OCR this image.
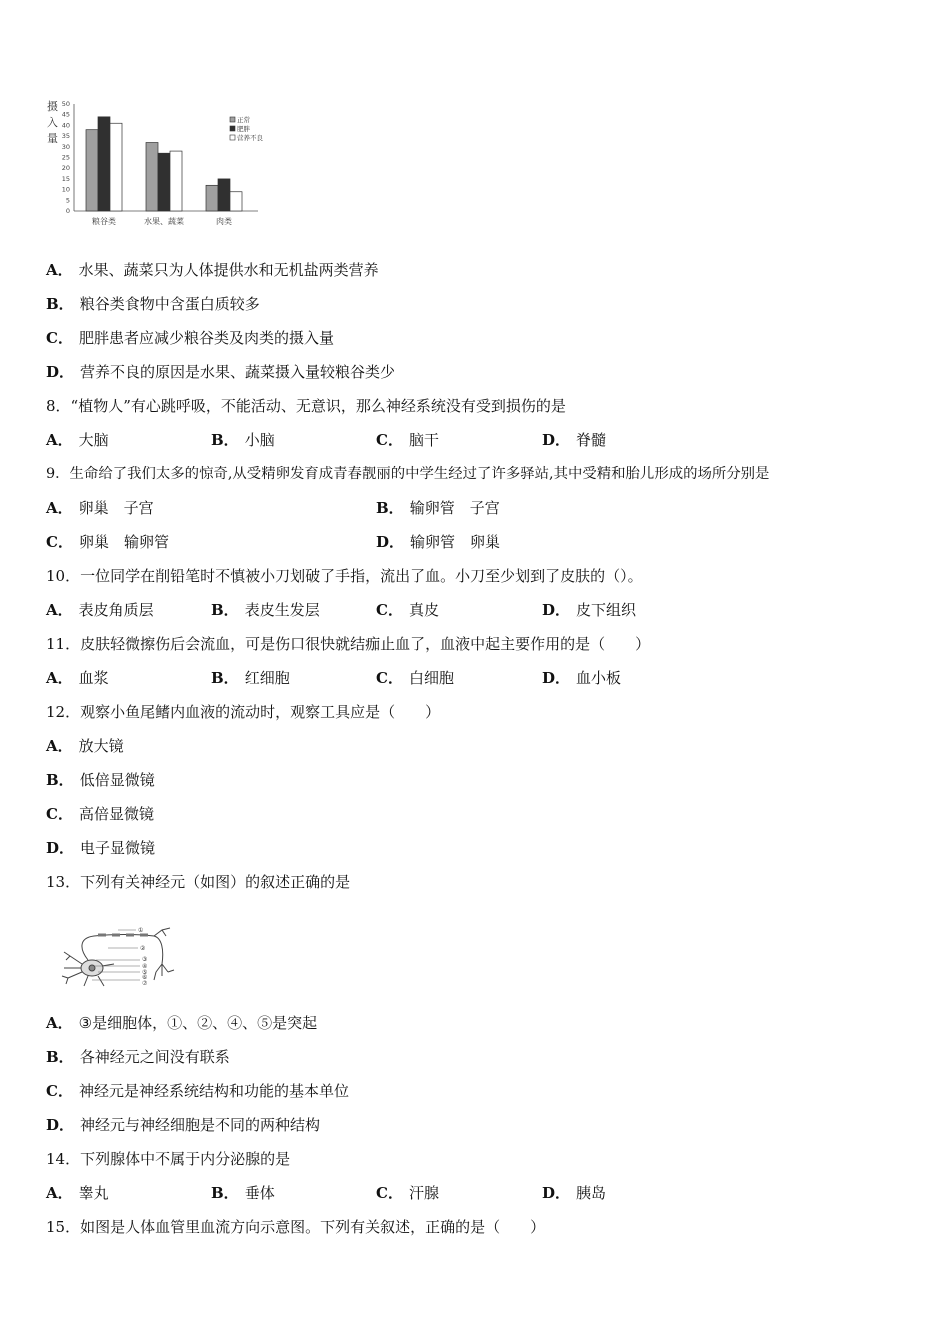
摄
入
量
50
45
40
35
30
25
20
15
10
5
0
粮谷类	水果、蔬菜	肉类
正常
肥胖
营养不良
A． 水果、蔬菜只为人体提供水和无机盐两类营养
B． 粮谷类食物中含蛋白质较多
C． 肥胖患者应减少粮谷类及肉类的摄入量
D． 营养不良的原因是水果、蔬菜摄入量较粮谷类少
8．“植物人”有心跳呼吸，不能活动、无意识，那么神经系统没有受到损伤的是
A． 大脑	B． 小脑	C． 脑干	D． 脊髓
9．生命给了我们太多的惊奇,从受精卵发育成青春靓丽的中学生经过了许多驿站,其中受精和胎儿形成的场所分别是
A． 卵巢　子宫	B． 输卵管　子宫
C． 卵巢　输卵管	D． 输卵管　卵巢
10．一位同学在削铅笔时不慎被小刀划破了手指，流出了血。小刀至少划到了皮肤的（）。
A． 表皮角质层	B． 表皮生发层	C． 真皮	D． 皮下组织
11．皮肤轻微擦伤后会流血，可是伤口很快就结痂止血了，血液中起主要作用的是（　　）
A． 血浆	B． 红细胞	C． 白细胞	D． 血小板
12．观察小鱼尾鳍内血液的流动时，观察工具应是（　　）
A． 放大镜
B． 低倍显微镜
C． 高倍显微镜
D． 电子显微镜
13．下列有关神经元（如图）的叙述正确的是
①
②
③
④
⑤
⑥
⑦
A． ③是细胞体，①、②、④、⑤是突起
B． 各神经元之间没有联系
C． 神经元是神经系统结构和功能的基本单位
D． 神经元与神经细胞是不同的两种结构
14．下列腺体中不属于内分泌腺的是
A． 睾丸	B． 垂体	C． 汗腺	D． 胰岛
15．如图是人体血管里血流方向示意图。下列有关叙述，正确的是（　　）
